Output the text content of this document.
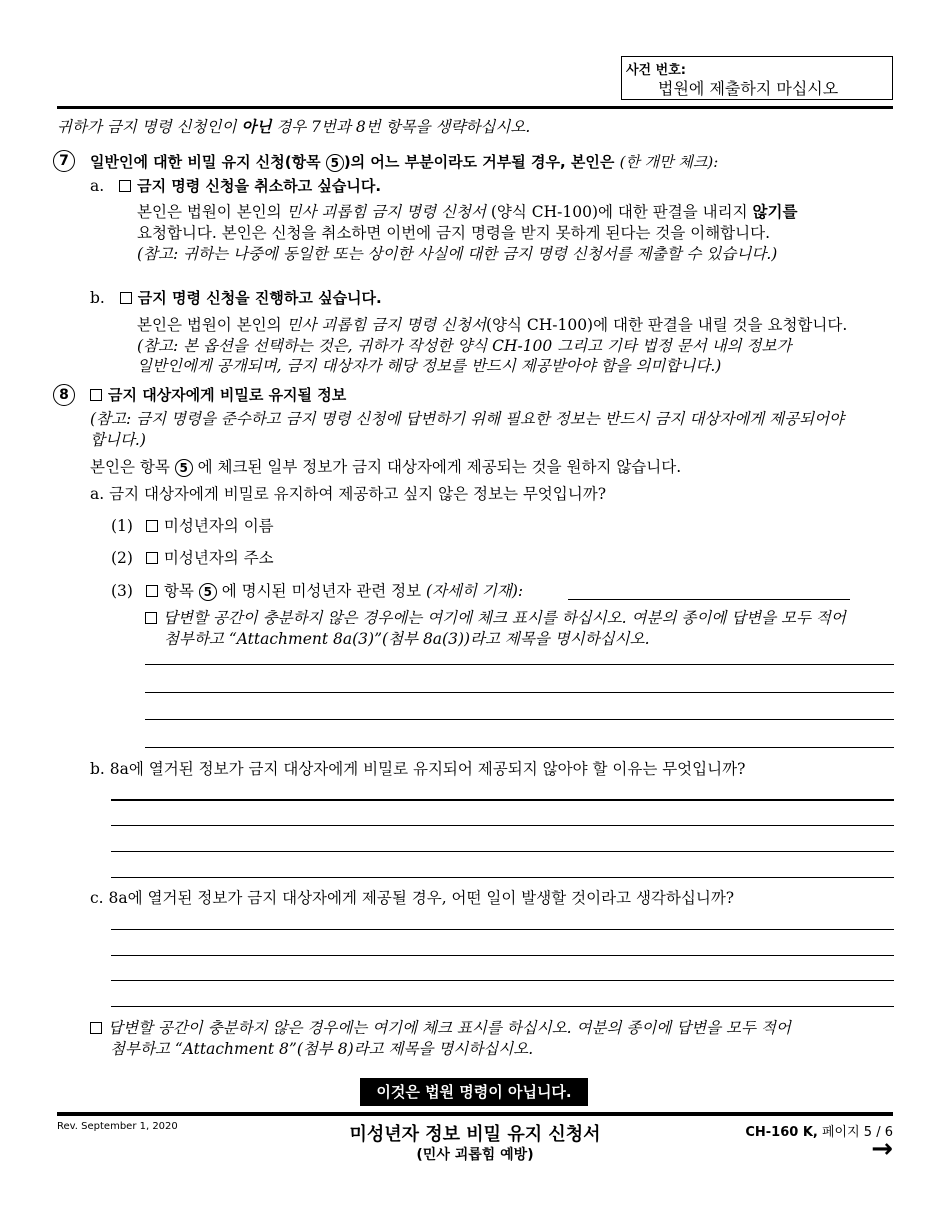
사건 번호:
법원에 제출하지 마십시오
귀하가 금지 명령 신청인이 아닌 경우 7번과 8번 항목을 생략하십시오.
7	일반인에 대한 비밀 유지 신청(항목 5 )의 어느 부분이라도 거부될 경우, 본인은 (한 개만 체크):
a. 금지 명령 신청을 취소하고 싶습니다.
본인은 법원이 본인의 민사 괴롭힘 금지 명령 신청서 (양식 CH-100)에 대한 판결을 내리지 않기를
요청합니다. 본인은 신청을 취소하면 이번에 금지 명령을 받지 못하게 된다는 것을 이해합니다.
(참고: 귀하는 나중에 동일한 또는 상이한 사실에 대한 금지 명령 신청서를 제출할 수 있습니다.)
b. 금지 명령 신청을 진행하고 싶습니다.
본인은 법원이 본인의 민사 괴롭힘 금지 명령 신청서(양식 CH-100)에 대한 판결을 내릴 것을 요청합니다.
(참고: 본 옵션을 선택하는 것은, 귀하가 작성한 양식 CH-100 그리고 기타 법정 문서 내의 정보가
일반인에게 공개되며, 금지 대상자가 해당 정보를 반드시 제공받아야 함을 의미합니다.)
8	금지 대상자에게 비밀로 유지될 정보
(참고: 금지 명령을 준수하고 금지 명령 신청에 답변하기 위해 필요한 정보는 반드시 금지 대상자에게 제공되어야
합니다.)
본인은 항목 5 에 체크된 일부 정보가 금지 대상자에게 제공되는 것을 원하지 않습니다.
a. 금지 대상자에게 비밀로 유지하여 제공하고 싶지 않은 정보는 무엇입니까?
(1) 미성년자의 이름
(2) 미성년자의 주소
(3) 항목 5 에 명시된 미성년자 관련 정보 (자세히 기재):
답변할 공간이 충분하지 않은 경우에는 여기에 체크 표시를 하십시오. 여분의 종이에 답변을 모두 적어
첨부하고 “Attachment 8a(3)”(첨부 8a(3))라고 제목을 명시하십시오.
b. 8a에 열거된 정보가 금지 대상자에게 비밀로 유지되어 제공되지 않아야 할 이유는 무엇입니까?
c. 8a에 열거된 정보가 금지 대상자에게 제공될 경우, 어떤 일이 발생할 것이라고 생각하십니까?
답변할 공간이 충분하지 않은 경우에는 여기에 체크 표시를 하십시오. 여분의 종이에 답변을 모두 적어
첨부하고 “Attachment 8”(첨부 8)라고 제목을 명시하십시오.
이것은 법원 명령이 아닙니다.
Rev. September 1, 2020	미성년자 정보 비밀 유지 신청서
(민사 괴롭힘 예방)
CH-160 K, 페이지 5 / 6
→
